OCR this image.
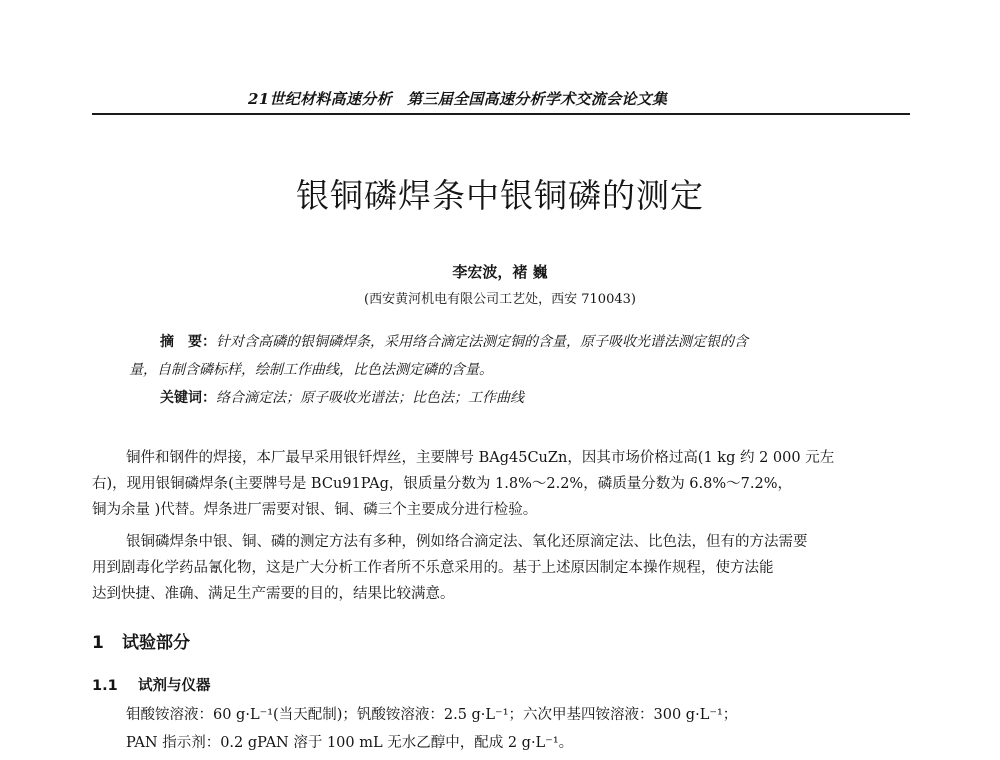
21世纪材料高速分析　第三届全国高速分析学术交流会论文集
银铜磷焊条中银铜磷的测定
李宏波，褚 巍
(西安黄河机电有限公司工艺处，西安 710043)
摘　要：针对含高磷的银铜磷焊条，采用络合滴定法测定铜的含量，原子吸收光谱法测定银的含
量，自制含磷标样，绘制工作曲线，比色法测定磷的含量。
关键词：络合滴定法；原子吸收光谱法；比色法；工作曲线
铜件和钢件的焊接，本厂最早采用银钎焊丝，主要牌号 BAg45CuZn，因其市场价格过高(1 kg 约 2 000 元左
右)，现用银铜磷焊条(主要牌号是 BCu91PAg，银质量分数为 1.8%～2.2%，磷质量分数为 6.8%～7.2%，
铜为余量 )代替。焊条进厂需要对银、铜、磷三个主要成分进行检验。
银铜磷焊条中银、铜、磷的测定方法有多种，例如络合滴定法、氧化还原滴定法、比色法，但有的方法需要
用到剧毒化学药品氰化物，这是广大分析工作者所不乐意采用的。基于上述原因制定本操作规程，使方法能
达到快捷、准确、满足生产需要的目的，结果比较满意。
1 试验部分
1.1 试剂与仪器
钼酸铵溶液：60 g·L⁻¹(当天配制)；钒酸铵溶液：2.5 g·L⁻¹；六次甲基四铵溶液：300 g·L⁻¹；
PAN 指示剂：0.2 gPAN 溶于 100 mL 无水乙醇中，配成 2 g·L⁻¹。
